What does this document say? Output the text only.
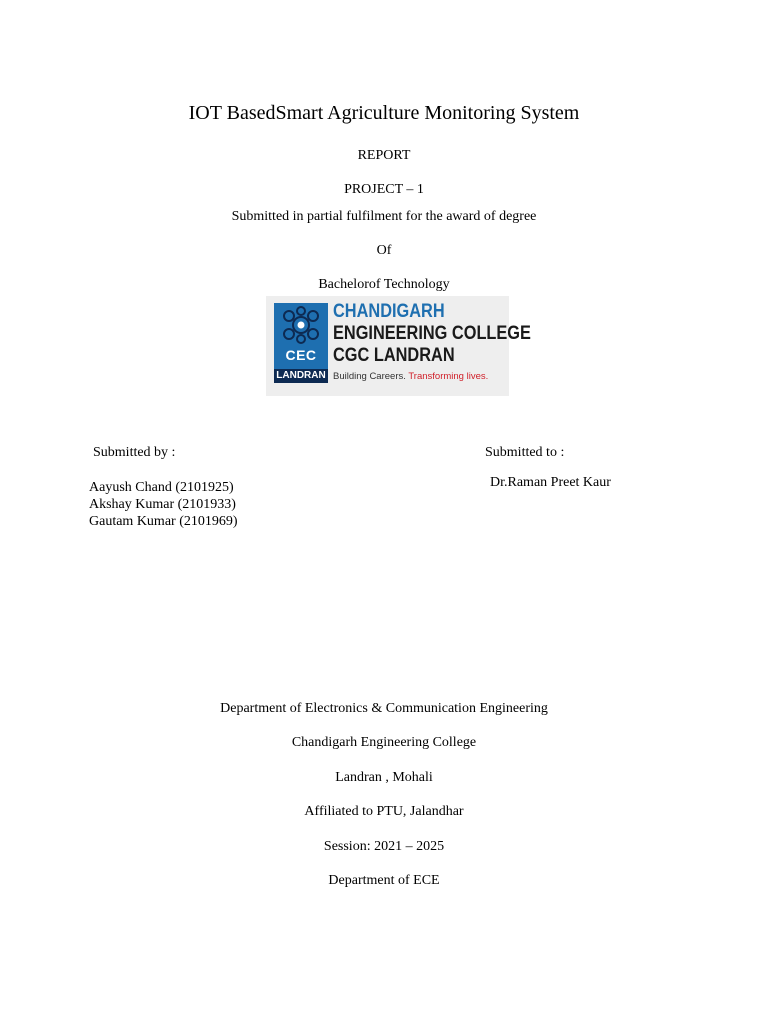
IOT BasedSmart Agriculture Monitoring System
REPORT
PROJECT – 1
Submitted in partial fulfilment for the award of degree
Of
Bachelorof Technology
CEC
LANDRAN
CHANDIGARH
ENGINEERING COLLEGE
CGC LANDRAN
Building Careers. Transforming lives.
Submitted by :
Aayush Chand (2101925)
Akshay Kumar (2101933)
Gautam Kumar (2101969)
Submitted to :
Dr.Raman Preet Kaur
Department of Electronics & Communication Engineering
Chandigarh Engineering College
Landran , Mohali
Affiliated to PTU, Jalandhar
Session: 2021 – 2025
Department of ECE
